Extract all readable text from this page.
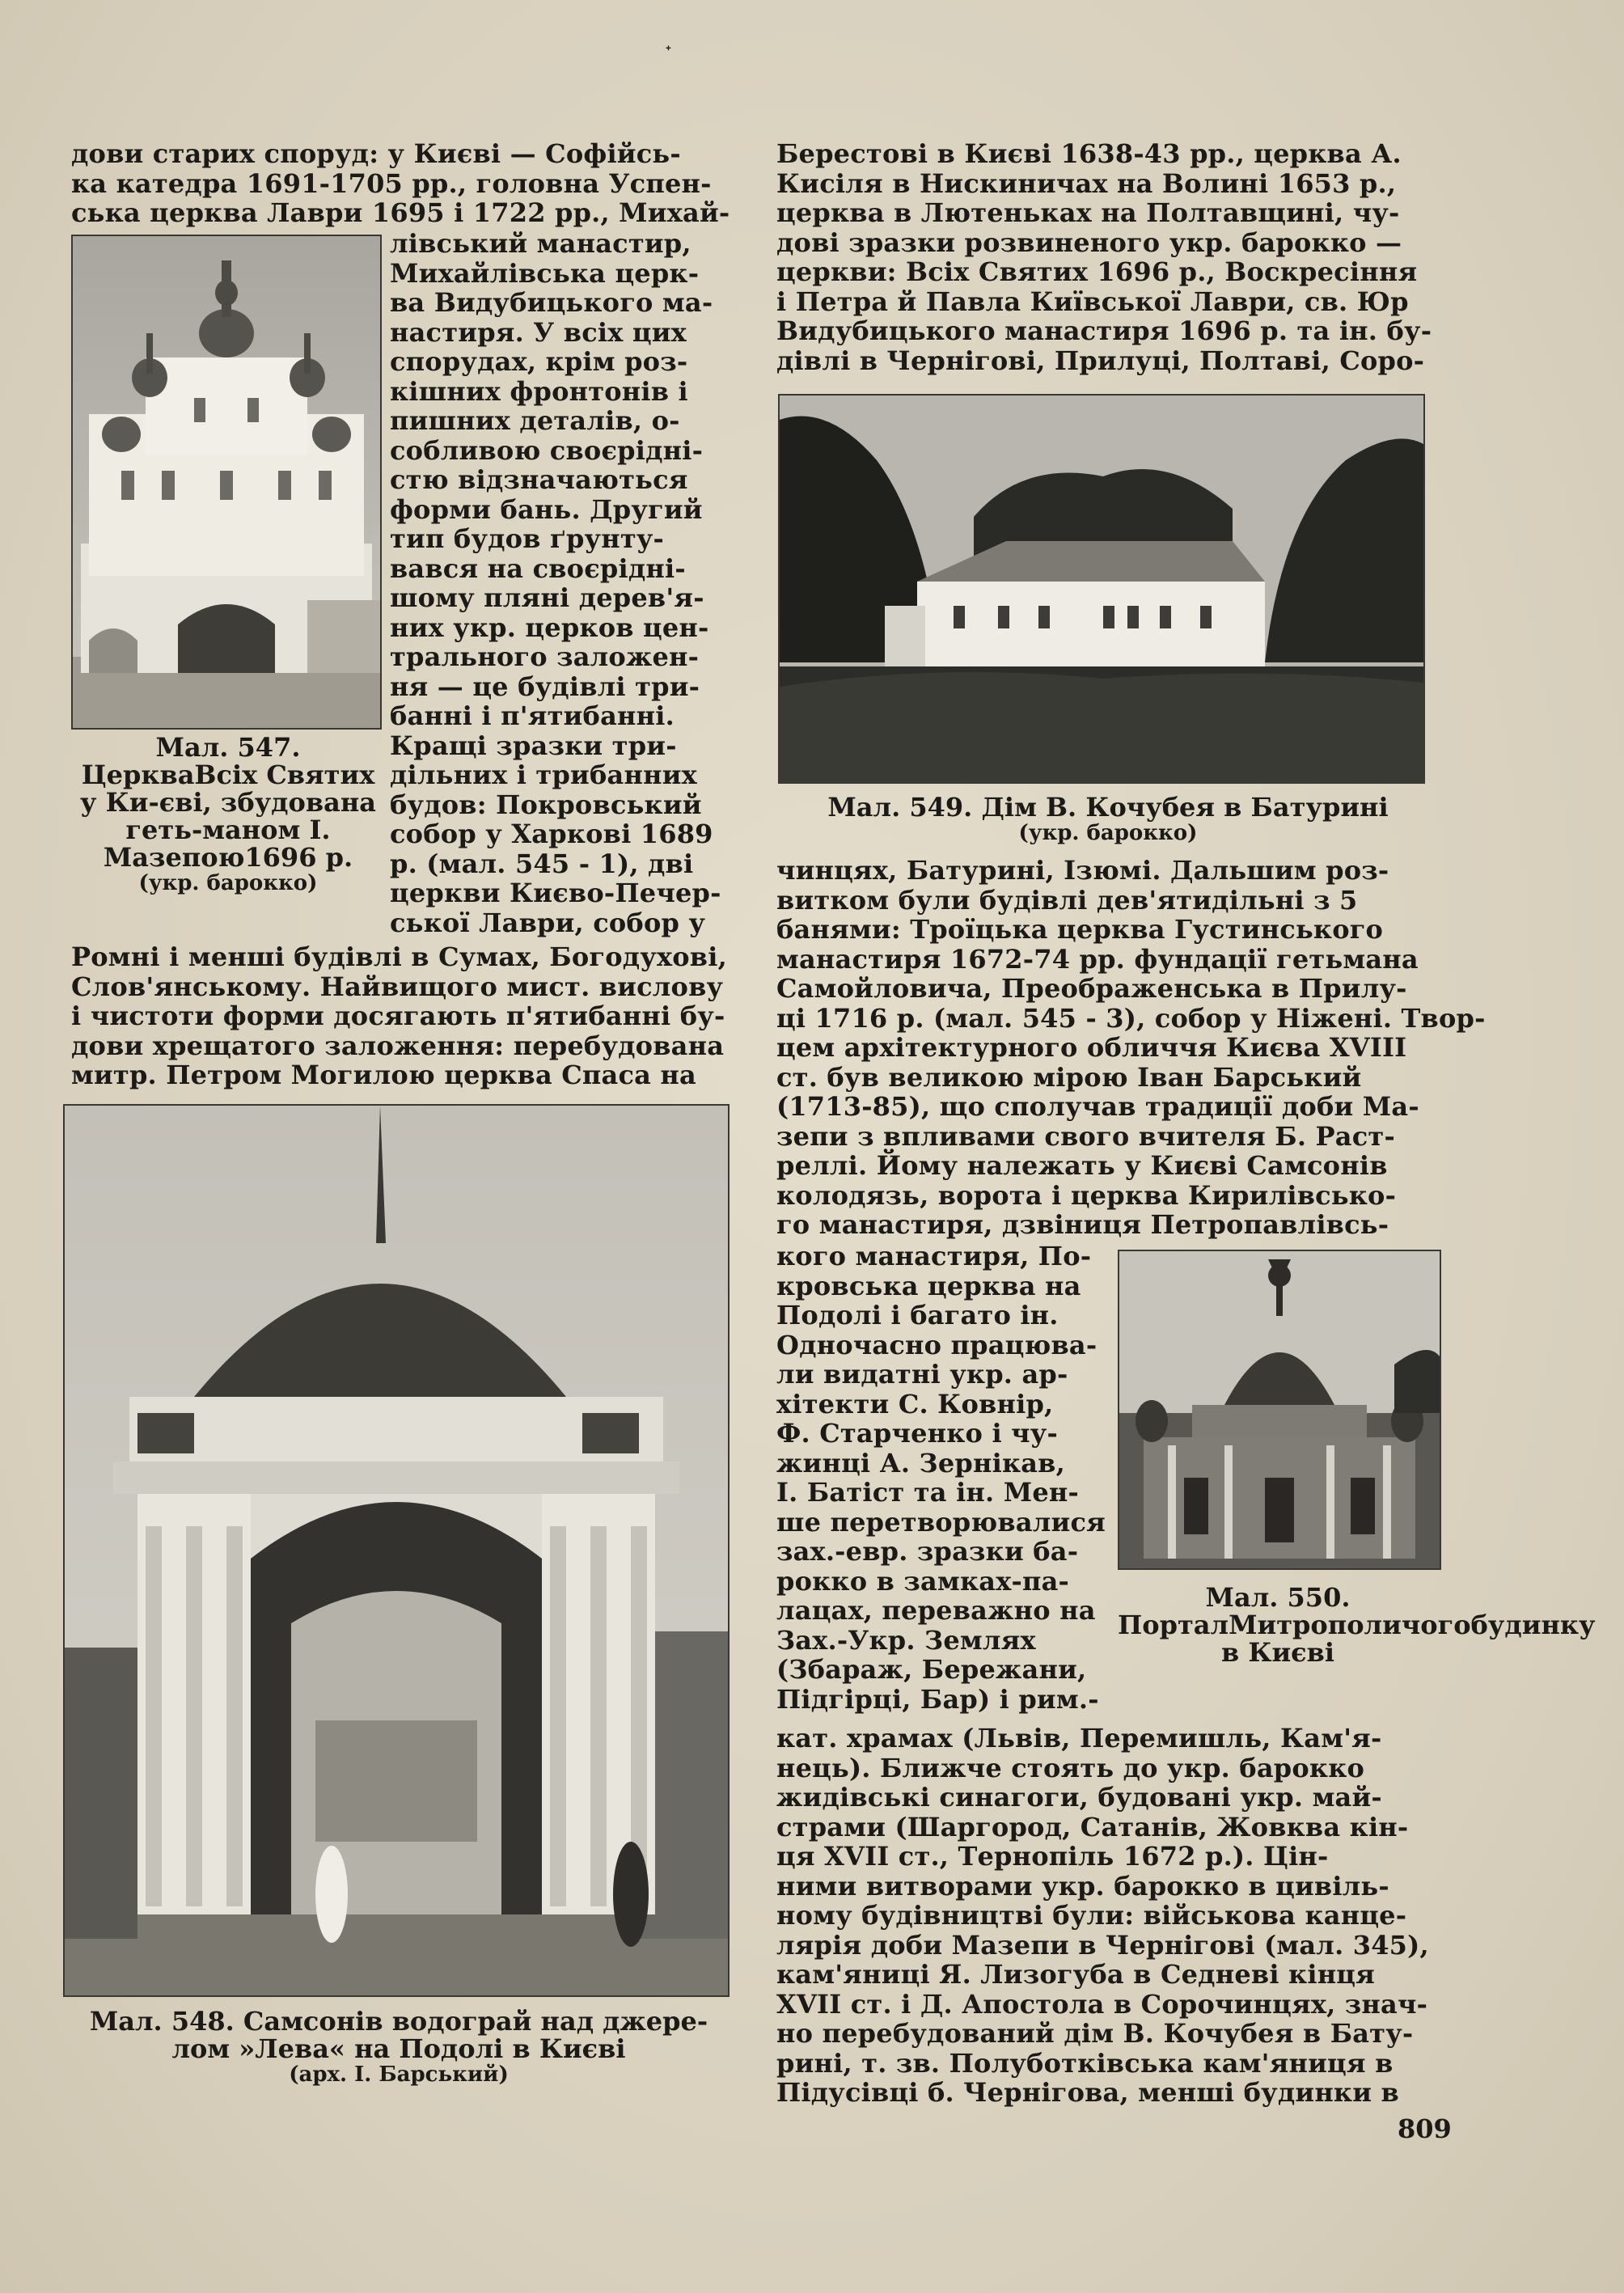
ᐩ
дови старих споруд: у Києві — Софійсь-
ка катедра 1691-1705 рр., головна Успен-
ська церква Лаври 1695 і 1722 рр., Михай-
лівський манастир,
Михайлівська церк-
ва Видубицького ма-
настиря. У всіх цих
спорудах, крім роз-
кішних фронтонів і
пишних деталів, о-
собливою своєрідні-
стю відзначаються
форми бань. Другий
тип будов ґрунту-
вався на своєрідні-
шому пляні дерев'я-
них укр. церков цен-
трального заложен-
ня — це будівлі три-
банні і п'ятибанні.
Кращі зразки три-
дільних і трибанних
будов: Покровський
собор у Харкові 1689
р. (мал. 545 - 1), дві
церкви Києво-Печер-
ської Лаври, собор у
Мал. 547. ЦеркваВсіх Святих у Ки-єві, збудована геть-маном І. Мазепою1696 р.
(укр. барокко)
Ромні і менші будівлі в Сумах, Богодухові,
Слов'янському. Найвищого мист. вислову
і чистоти форми досягають п'ятибанні бу-
дови хрещатого заложення: перебудована
митр. Петром Могилою церква Спаса на
Мал. 548. Самсонів водограй над джере-лом »Лева« на Подолі в Києві
(арх. І. Барський)
Берестові в Києві 1638-43 рр., церква А.
Кисіля в Нискиничах на Волині 1653 р.,
церква в Лютеньках на Полтавщині, чу-
дові зразки розвиненого укр. барокко —
церкви: Всіх Святих 1696 р., Воскресіння
і Петра й Павла Київської Лаври, св. Юр
Видубицького манастиря 1696 р. та ін. бу-
дівлі в Чернігові, Прилуці, Полтаві, Соро-
Мал. 549. Дім В. Кочубея в Батурині
(укр. барокко)
чинцях, Батурині, Ізюмі. Дальшим роз-
витком були будівлі дев'ятидільні з 5
банями: Троїцька церква Густинського
манастиря 1672-74 рр. фундації гетьмана
Самойловича, Преображенська в Прилу-
ці 1716 р. (мал. 545 - 3), собор у Ніжені. Твор-
цем архітектурного обличчя Києва XVIII
ст. був великою мірою Іван Барський
(1713-85), що сполучав традиції доби Ма-
зепи з впливами свого вчителя Б. Раст-
реллі. Йому належать у Києві Самсонів
колодязь, ворота і церква Кирилівсько-
го манастиря, дзвіниця Петропавлівсь-
кого манастиря, По-
кровська церква на
Подолі і багато ін.
Одночасно працюва-
ли видатні укр. ар-
хітекти С. Ковнір,
Ф. Старченко і чу-
жинці А. Зернікав,
І. Батіст та ін. Мен-
ше перетворювалися
зах.-евр. зразки ба-
рокко в замках-па-
лацах, переважно на
Зах.-Укр. Землях
(Збараж, Бережани,
Підгірці, Бар) і рим.-
Мал. 550. ПорталМитрополичогобудинку в Києві
кат. храмах (Львів, Перемишль, Кам'я-
нець). Ближче стоять до укр. барокко
жидівські синагоги, будовані укр. май-
страми (Шаргород, Сатанів, Жовква кін-
ця XVII ст., Тернопіль 1672 р.). Цін-
ними витворами укр. барокко в цивіль-
ному будівництві були: військова канце-
лярія доби Мазепи в Чернігові (мал. 345),
кам'яниці Я. Лизогуба в Седневі кінця
XVII ст. і Д. Апостола в Сорочинцях, знач-
но перебудований дім В. Кочубея в Бату-
рині, т. зв. Полуботківська кам'яниця в
Підусівці б. Чернігова, менші будинки в
809
